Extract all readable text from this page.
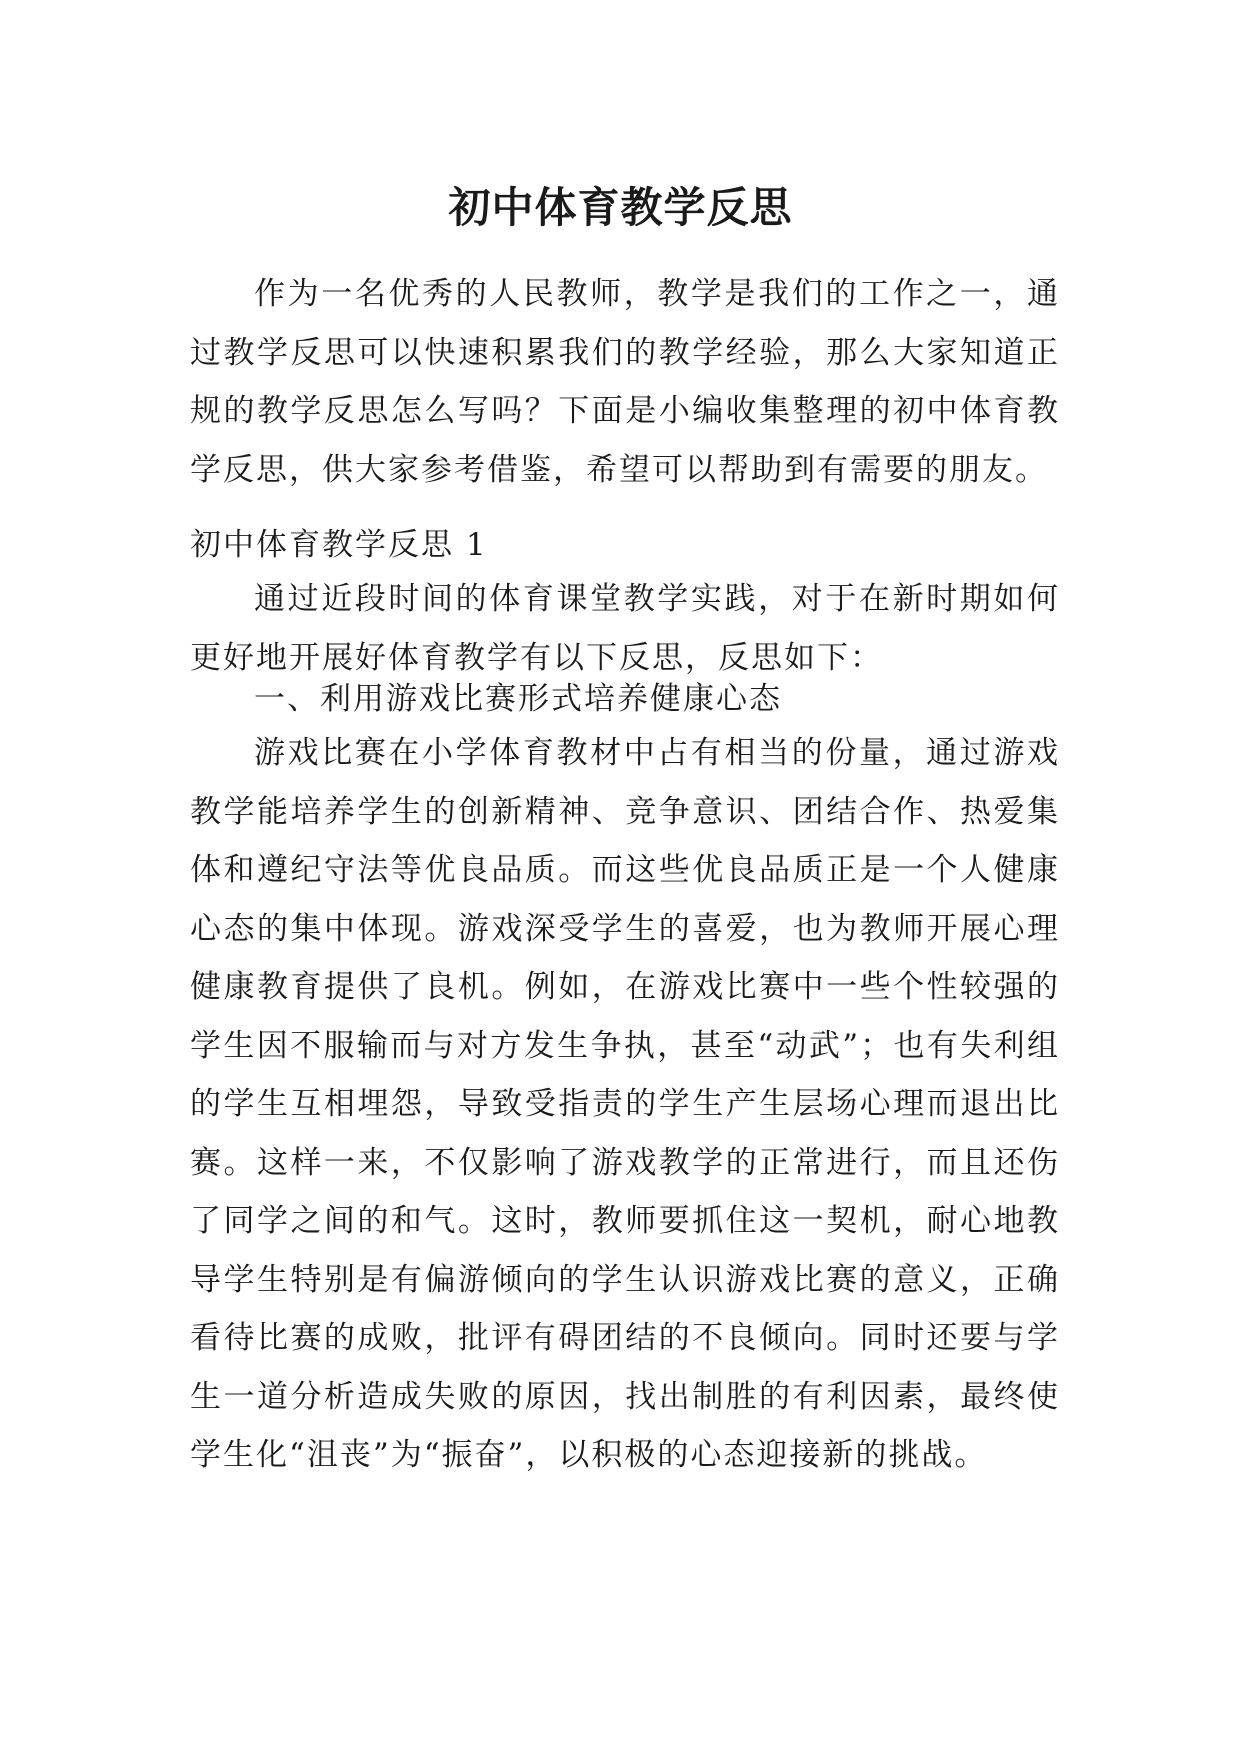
初中体育教学反思

作为一名优秀的人民教师，教学是我们的工作之一，通过教学反思可以快速积累我们的教学经验，那么大家知道正规的教学反思怎么写吗？下面是小编收集整理的初中体育教学反思，供大家参考借鉴，希望可以帮助到有需要的朋友。

初中体育教学反思 1

通过近段时间的体育课堂教学实践，对于在新时期如何更好地开展好体育教学有以下反思，反思如下：

一、利用游戏比赛形式培养健康心态

游戏比赛在小学体育教材中占有相当的份量，通过游戏教学能培养学生的创新精神、竞争意识、团结合作、热爱集体和遵纪守法等优良品质。而这些优良品质正是一个人健康心态的集中体现。游戏深受学生的喜爱，也为教师开展心理健康教育提供了良机。例如，在游戏比赛中一些个性较强的学生因不服输而与对方发生争执，甚至“动武”；也有失利组的学生互相埋怨，导致受指责的学生产生层场心理而退出比赛。这样一来，不仅影响了游戏教学的正常进行，而且还伤了同学之间的和气。这时，教师要抓住这一契机，耐心地教导学生特别是有偏游倾向的学生认识游戏比赛的意义，正确看待比赛的成败，批评有碍团结的不良倾向。同时还要与学生一道分析造成失败的原因，找出制胜的有利因素，最终使学生化“沮丧”为“振奋”，以积极的心态迎接新的挑战。
